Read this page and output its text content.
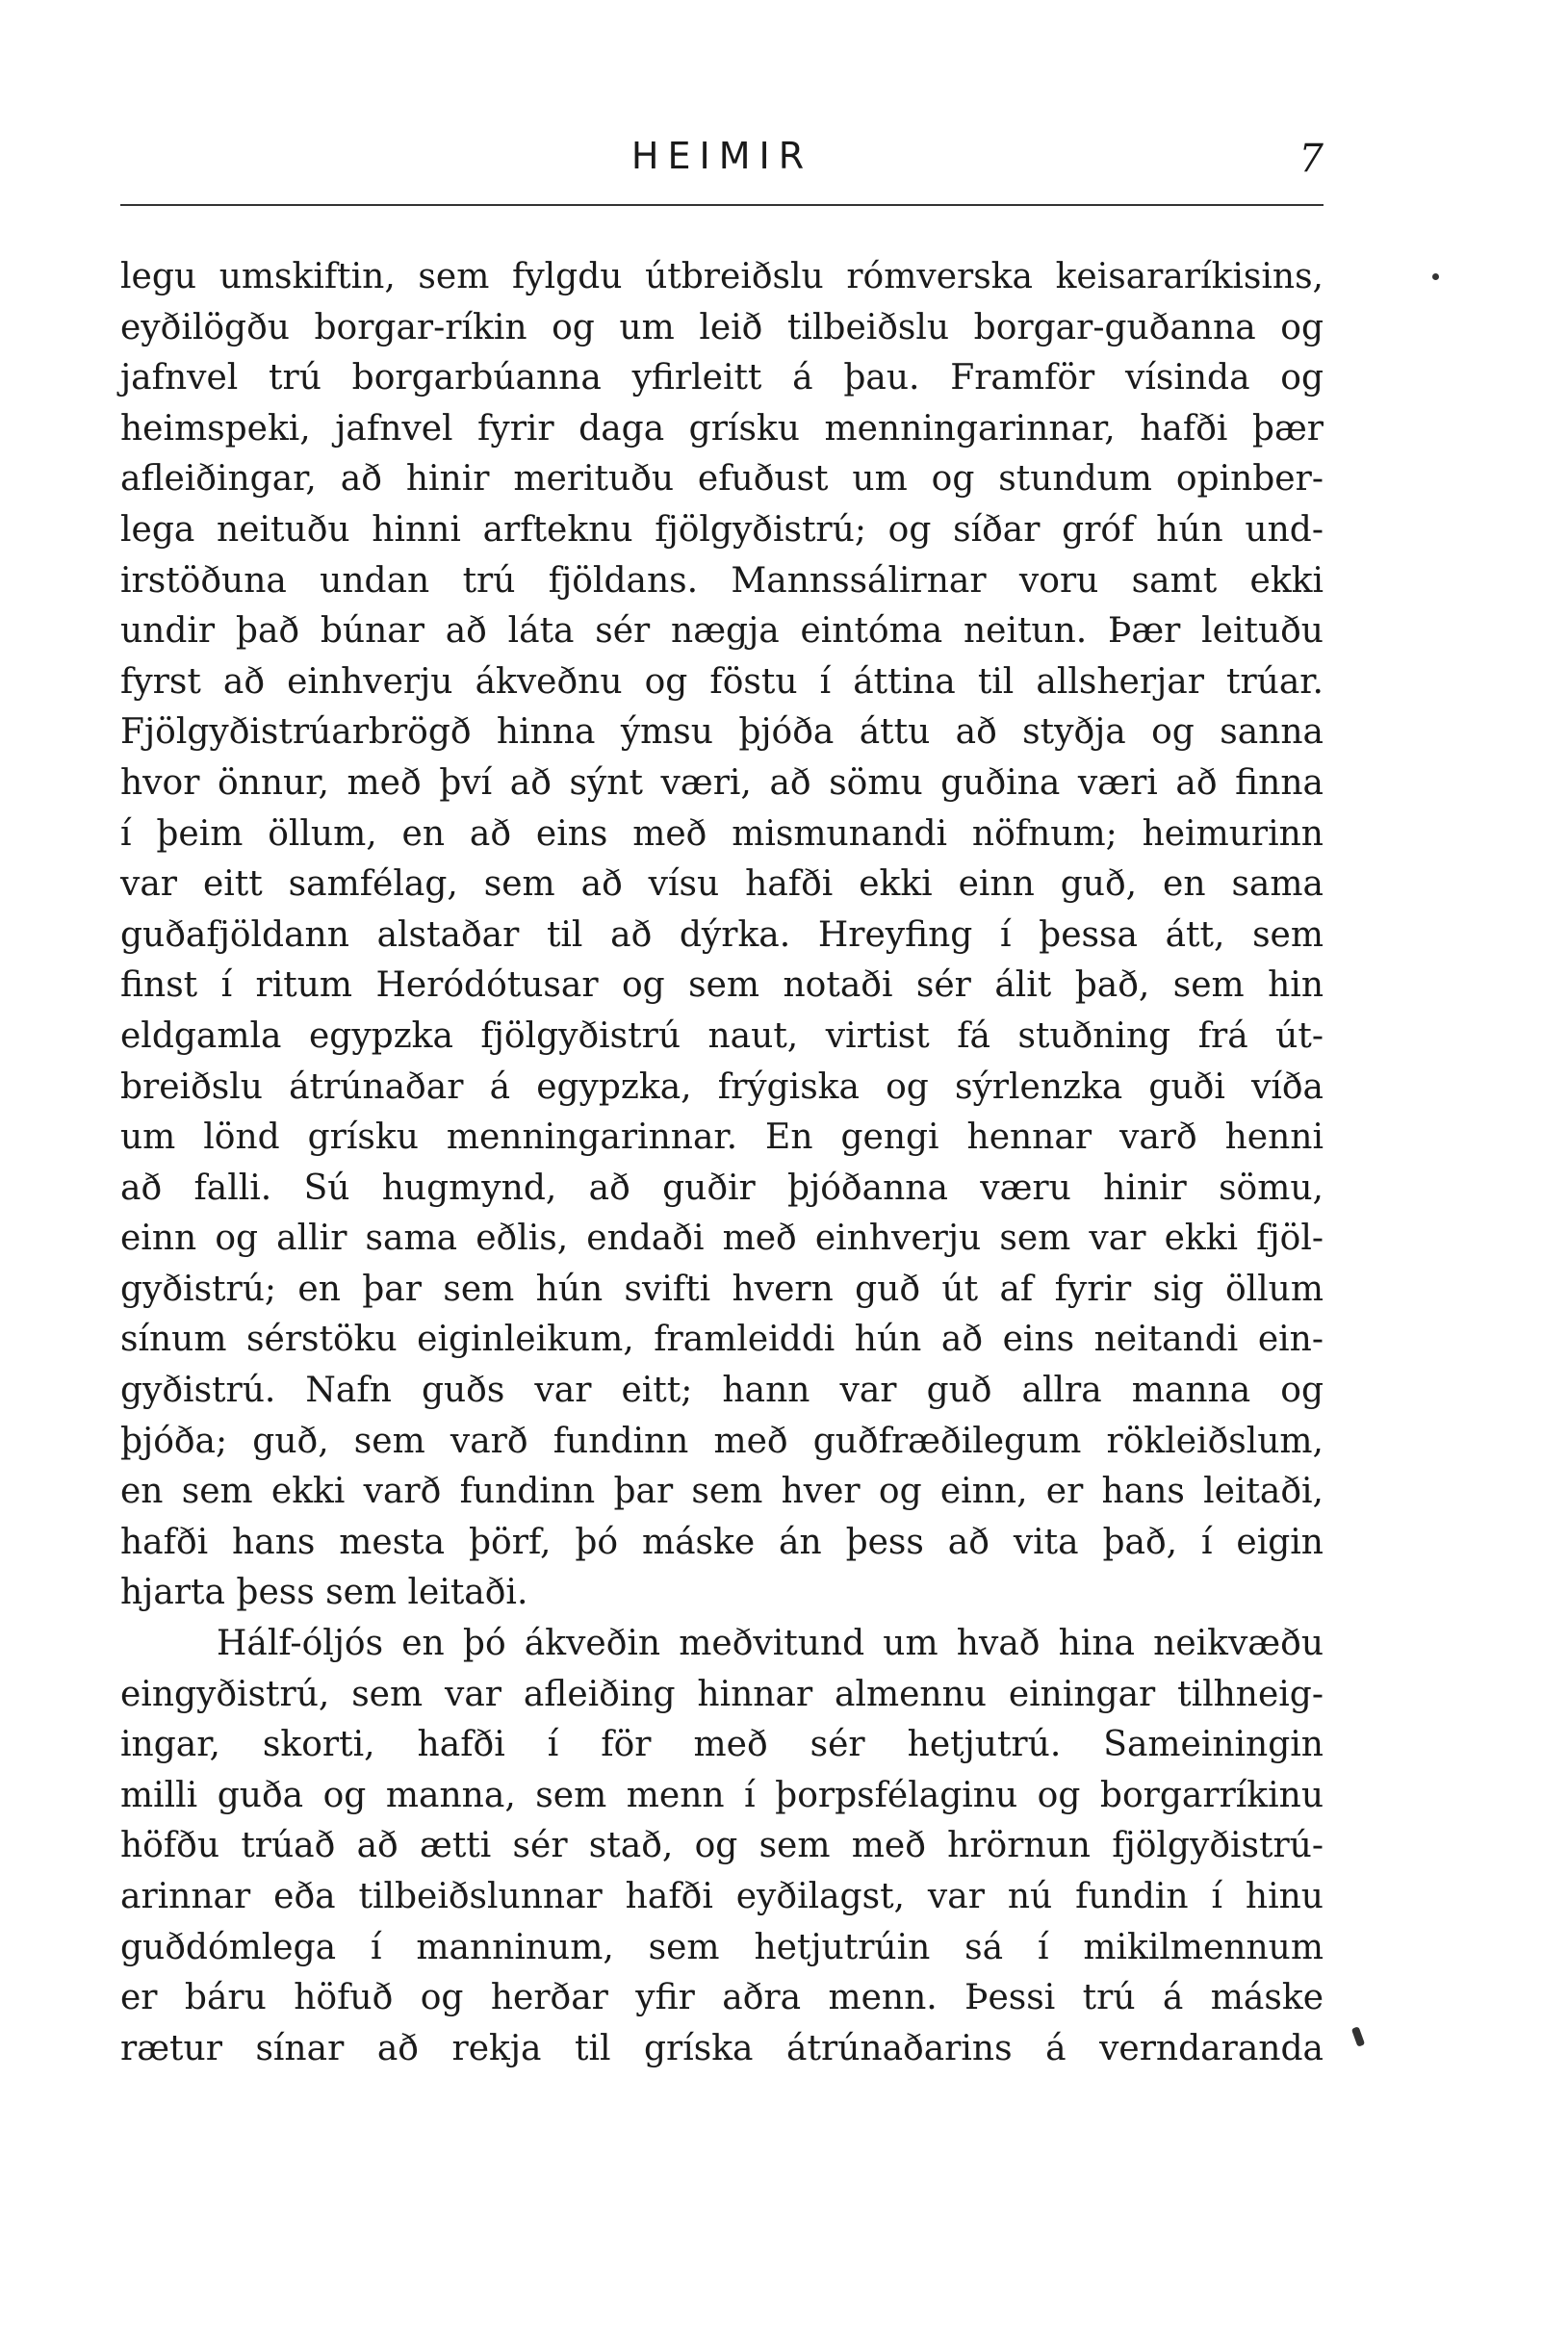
HEIMIR	7
legu umskiftin, sem fylgdu útbreiðslu rómverska keisararíkisins,
eyðilögðu borgar-ríkin og um leið tilbeiðslu borgar-guðanna og
jafnvel trú borgarbúanna yfirleitt á þau. Framför vísinda og
heimspeki, jafnvel fyrir daga grísku menningarinnar, hafði þær
afleiðingar, að hinir merituðu efuðust um og stundum opinber-
lega neituðu hinni arfteknu fjölgyðistrú; og síðar gróf hún und-
irstöðuna undan trú fjöldans. Mannssálirnar voru samt ekki
undir það búnar að láta sér nægja eintóma neitun. Þær leituðu
fyrst að einhverju ákveðnu og föstu í áttina til allsherjar trúar.
Fjölgyðistrúarbrögð hinna ýmsu þjóða áttu að styðja og sanna
hvor önnur, með því að sýnt væri, að sömu guðina væri að finna
í þeim öllum, en að eins með mismunandi nöfnum; heimurinn
var eitt samfélag, sem að vísu hafði ekki einn guð, en sama
guðafjöldann alstaðar til að dýrka. Hreyfing í þessa átt, sem
finst í ritum Heródótusar og sem notaði sér álit það, sem hin
eldgamla egypzka fjölgyðistrú naut, virtist fá stuðning frá út-
breiðslu átrúnaðar á egypzka, frýgiska og sýrlenzka guði víða
um lönd grísku menningarinnar. En gengi hennar varð henni
að falli. Sú hugmynd, að guðir þjóðanna væru hinir sömu,
einn og allir sama eðlis, endaði með einhverju sem var ekki fjöl-
gyðistrú; en þar sem hún svifti hvern guð út af fyrir sig öllum
sínum sérstöku eiginleikum, framleiddi hún að eins neitandi ein-
gyðistrú. Nafn guðs var eitt; hann var guð allra manna og
þjóða; guð, sem varð fundinn með guðfræðilegum rökleiðslum,
en sem ekki varð fundinn þar sem hver og einn, er hans leitaði,
hafði hans mesta þörf, þó máske án þess að vita það, í eigin
hjarta þess sem leitaði.
Hálf-óljós en þó ákveðin meðvitund um hvað hina neikvæðu
eingyðistrú, sem var afleiðing hinnar almennu einingar tilhneig-
ingar, skorti, hafði í för með sér hetjutrú. Sameiningin
milli guða og manna, sem menn í þorpsfélaginu og borgarríkinu
höfðu trúað að ætti sér stað, og sem með hrörnun fjölgyðistrú-
arinnar eða tilbeiðslunnar hafði eyðilagst, var nú fundin í hinu
guðdómlega í manninum, sem hetjutrúin sá í mikilmennum
er báru höfuð og herðar yfir aðra menn. Þessi trú á máske
rætur sínar að rekja til gríska átrúnaðarins á verndaranda
